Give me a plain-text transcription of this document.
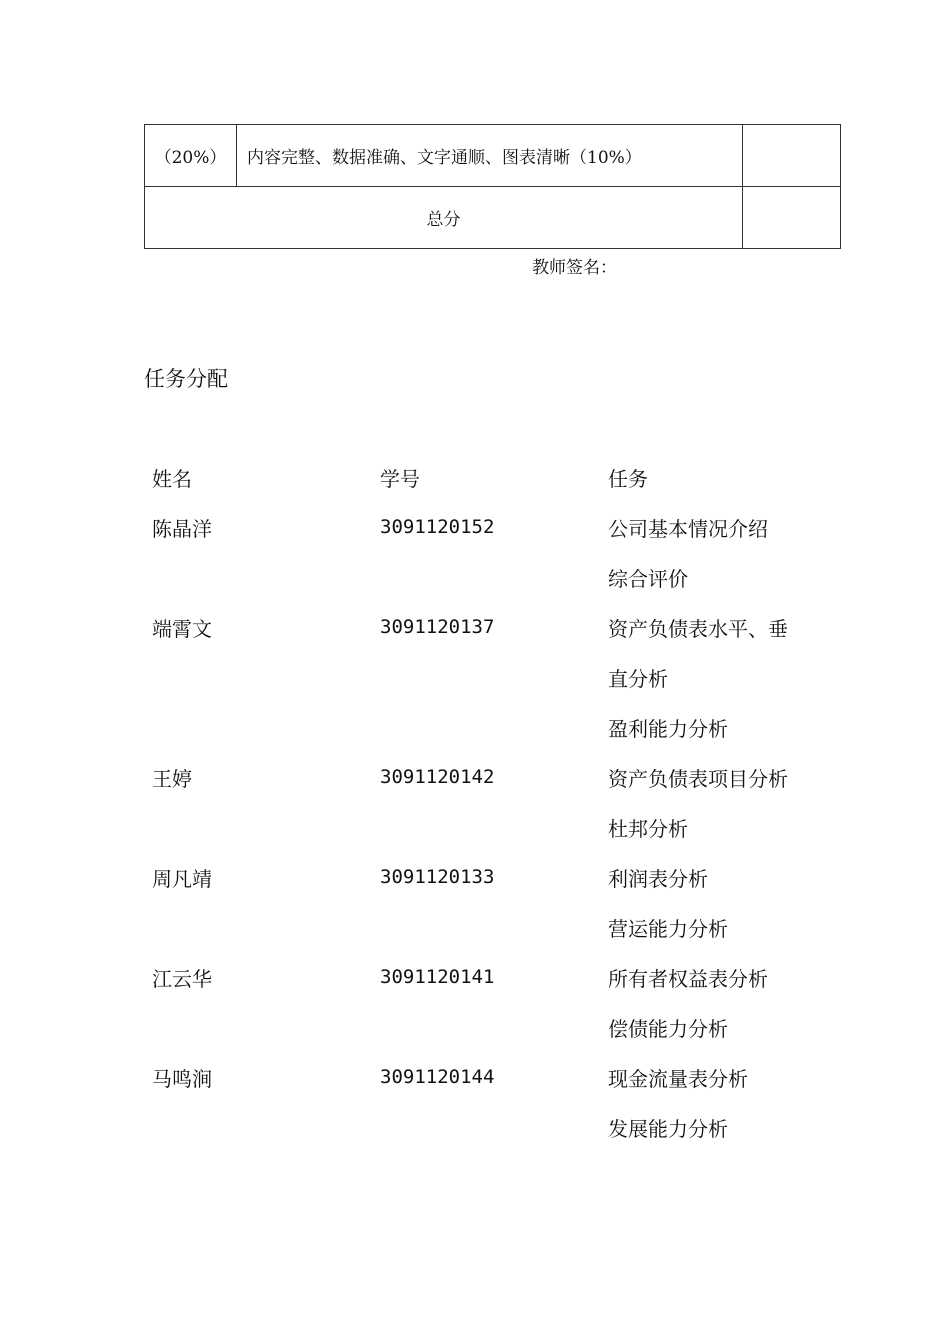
（20%）	内容完整、数据准确、文字通顺、图表清晰（10%）	
总分		
教师签名：
任务分配
姓名	学号	任务
陈晶洋	3091120152	公司基本情况介绍
综合评价
端霄文	3091120137	资产负债表水平、垂
直分析
盈利能力分析
王婷	3091120142	资产负债表项目分析
杜邦分析
周凡靖	3091120133	利润表分析
营运能力分析
江云华	3091120141	所有者权益表分析
偿债能力分析
马鸣涧	3091120144	现金流量表分析
发展能力分析
